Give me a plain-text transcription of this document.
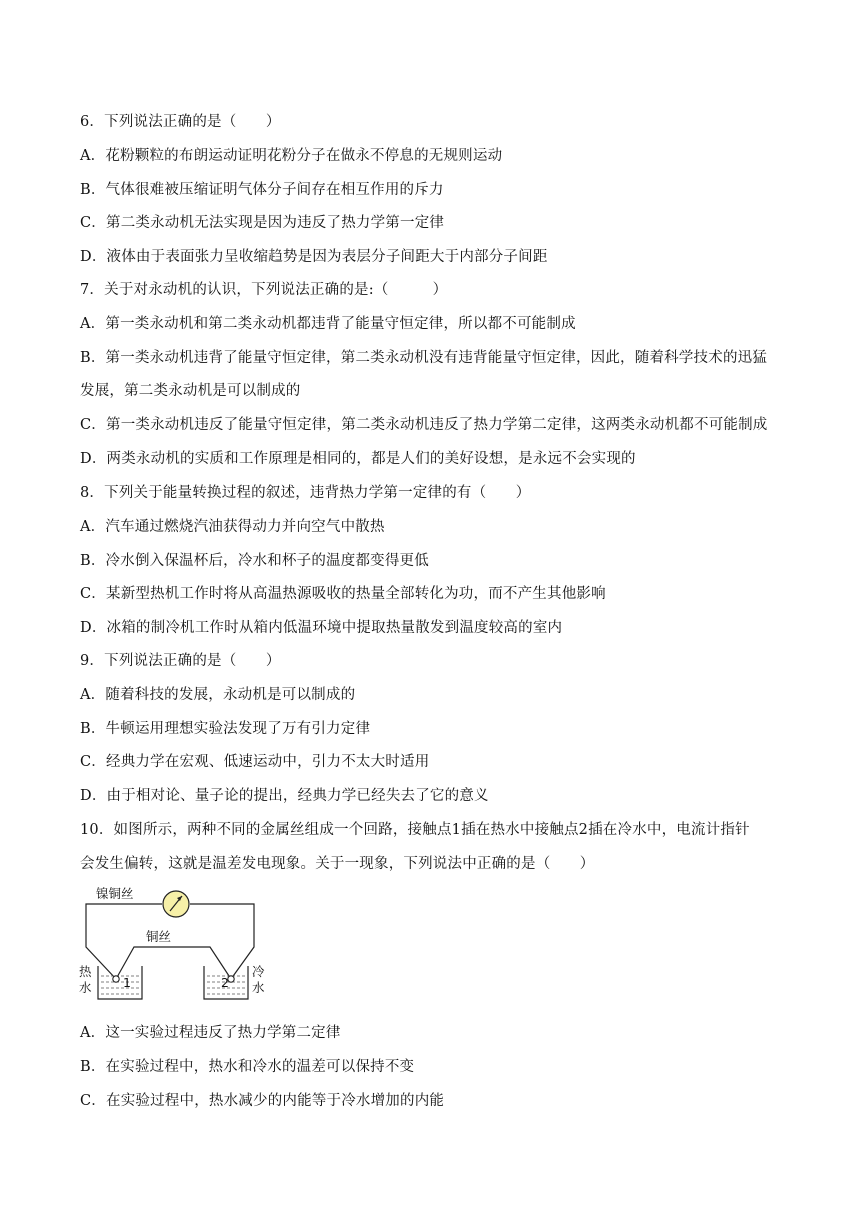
6．下列说法正确的是（　　）
A．花粉颗粒的布朗运动证明花粉分子在做永不停息的无规则运动
B．气体很难被压缩证明气体分子间存在相互作用的斥力
C．第二类永动机无法实现是因为违反了热力学第一定律
D．液体由于表面张力呈收缩趋势是因为表层分子间距大于内部分子间距
7．关于对永动机的认识，下列说法正确的是:（　　　）
A．第一类永动机和第二类永动机都违背了能量守恒定律，所以都不可能制成
B．第一类永动机违背了能量守恒定律，第二类永动机没有违背能量守恒定律，因此，随着科学技术的迅猛
发展，第二类永动机是可以制成的
C．第一类永动机违反了能量守恒定律，第二类永动机违反了热力学第二定律，这两类永动机都不可能制成
D．两类永动机的实质和工作原理是相同的，都是人们的美好设想，是永远不会实现的
8．下列关于能量转换过程的叙述，违背热力学第一定律的有（　　）
A．汽车通过燃烧汽油获得动力并向空气中散热
B．冷水倒入保温杯后，冷水和杯子的温度都变得更低
C．某新型热机工作时将从高温热源吸收的热量全部转化为功，而不产生其他影响
D．冰箱的制冷机工作时从箱内低温环境中提取热量散发到温度较高的室内
9．下列说法正确的是（　　）
A．随着科技的发展，永动机是可以制成的
B．牛顿运用理想实验法发现了万有引力定律
C．经典力学在宏观、低速运动中，引力不太大时适用
D．由于相对论、量子论的提出，经典力学已经失去了它的意义
10．如图所示，两种不同的金属丝组成一个回路，接触点1插在热水中接触点2插在冷水中，电流计指针
会发生偏转，这就是温差发电现象。关于一现象，下列说法中正确的是（　　）
镍铜丝
铜丝
热
水
冷
水
1	2
A．这一实验过程违反了热力学第二定律
B．在实验过程中，热水和冷水的温差可以保持不变
C．在实验过程中，热水减少的内能等于冷水增加的内能
